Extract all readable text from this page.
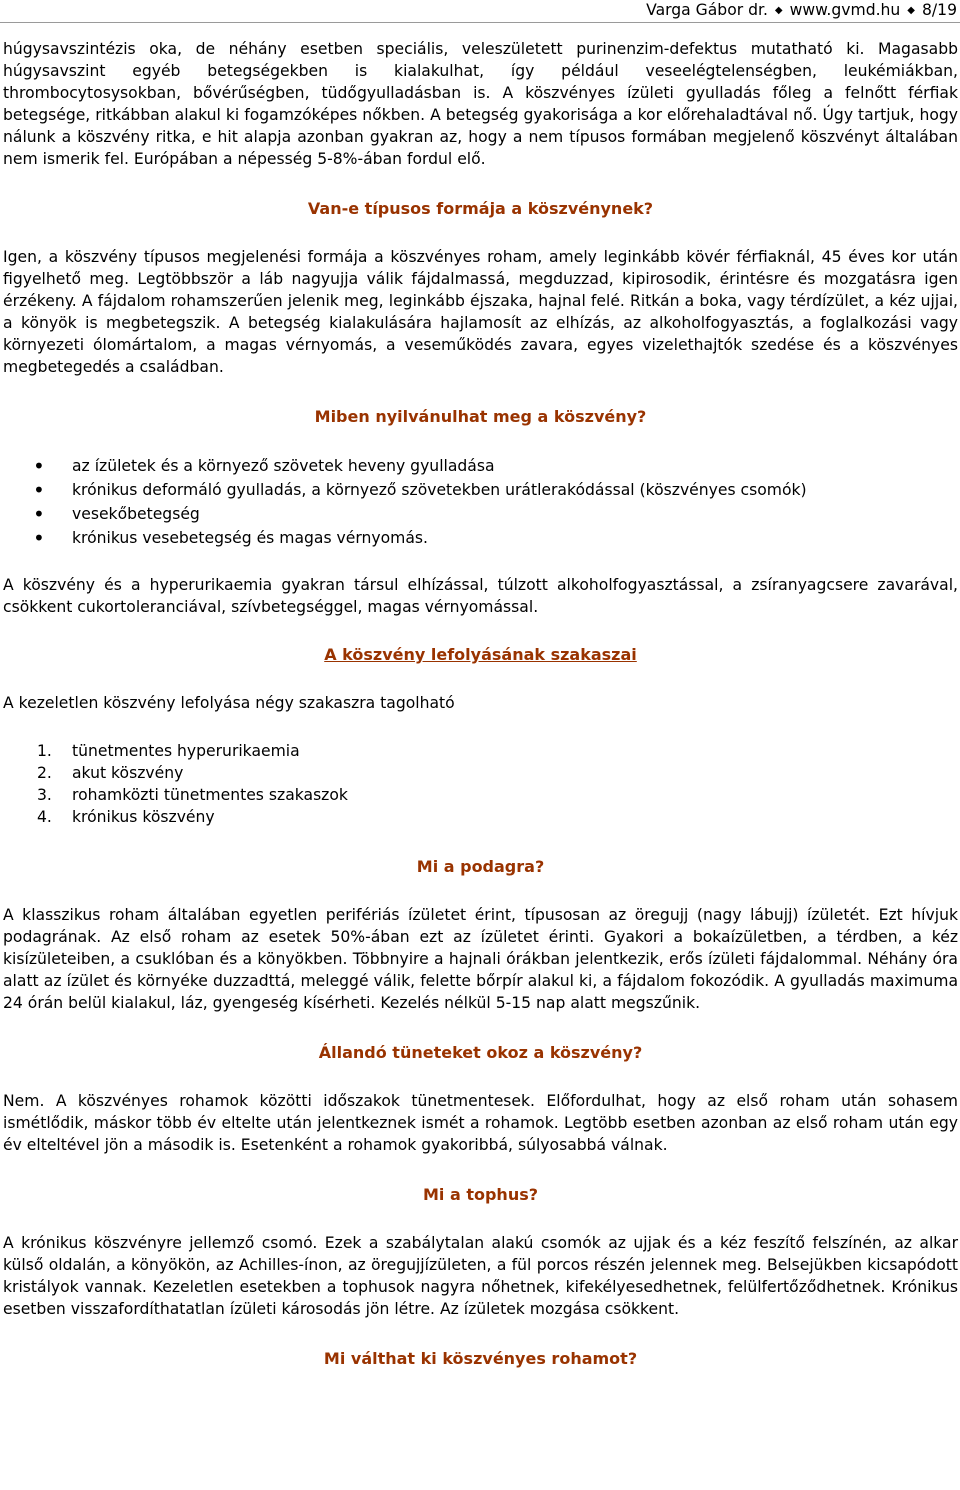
Varga Gábor dr. ◆ www.gvmd.hu ◆ 8/19

húgysavszintézis oka, de néhány esetben speciális, veleszületett purinenzim-defektus mutatható ki. Magasabb húgysavszint egyéb betegségekben is kialakulhat, így például veseelégtelenségben, leukémiákban, thrombocytosysokban, bővérűségben, tüdőgyulladásban is. A köszvényes ízületi gyulladás főleg a felnőtt férfiak betegsége, ritkábban alakul ki fogamzóképes nőkben. A betegség gyakorisága a kor előrehaladtával nő. Úgy tartjuk, hogy nálunk a köszvény ritka, e hit alapja azonban gyakran az, hogy a nem típusos formában megjelenő köszvényt általában nem ismerik fel. Európában a népesség 5-8%-ában fordul elő.

Van-e típusos formája a köszvénynek?

Igen, a köszvény típusos megjelenési formája a köszvényes roham, amely leginkább kövér férfiaknál, 45 éves kor után figyelhető meg. Legtöbbször a láb nagyujja válik fájdalmassá, megduzzad, kipirosodik, érintésre és mozgatásra igen érzékeny. A fájdalom rohamszerűen jelenik meg, leginkább éjszaka, hajnal felé. Ritkán a boka, vagy térdízület, a kéz ujjai, a könyök is megbetegszik. A betegség kialakulására hajlamosít az elhízás, az alkoholfogyasztás, a foglalkozási vagy környezeti ólomártalom, a magas vérnyomás, a veseműködés zavara, egyes vizelethajtók szedése és a köszvényes megbetegedés a családban.

Miben nyilvánulhat meg a köszvény?
• az ízületek és a környező szövetek heveny gyulladása
• krónikus deformáló gyulladás, a környező szövetekben urátlerakódással (köszvényes csomók)
• vesekőbetegség
• krónikus vesebetegség és magas vérnyomás.

A köszvény és a hyperurikaemia gyakran társul elhízással, túlzott alkoholfogyasztással, a zsíranyagcsere zavarával, csökkent cukortoleranciával, szívbetegséggel, magas vérnyomással.

A köszvény lefolyásának szakaszai

A kezeletlen köszvény lefolyása négy szakaszra tagolható

1. tünetmentes hyperurikaemia
2. akut köszvény
3. rohamközti tünetmentes szakaszok
4. krónikus köszvény
Mi a podagra?

A klasszikus roham általában egyetlen perifériás ízületet érint, típusosan az öregujj (nagy lábujj) ízületét. Ezt hívjuk podagrának. Az első roham az esetek 50%-ában ezt az ízületet érinti. Gyakori a bokaízületben, a térdben, a kéz kisízületeiben, a csuklóban és a könyökben. Többnyire a hajnali órákban jelentkezik, erős ízületi fájdalommal. Néhány óra alatt az ízület és környéke duzzadttá, meleggé válik, felette bőrpír alakul ki, a fájdalom fokozódik. A gyulladás maximuma 24 órán belül kialakul, láz, gyengeség kísérheti. Kezelés nélkül 5-15 nap alatt megszűnik.

Állandó tüneteket okoz a köszvény?

Nem. A köszvényes rohamok közötti időszakok tünetmentesek. Előfordulhat, hogy az első roham után sohasem ismétlődik, máskor több év eltelte után jelentkeznek ismét a rohamok. Legtöbb esetben azonban az első roham után egy év elteltével jön a második is. Esetenként a rohamok gyakoribbá, súlyosabbá válnak.

Mi a tophus?

A krónikus köszvényre jellemző csomó. Ezek a szabálytalan alakú csomók az ujjak és a kéz feszítő felszínén, az alkar külső oldalán, a könyökön, az Achilles-ínon, az öregujjízületen, a fül porcos részén jelennek meg. Belsejükben kicsapódott kristályok vannak. Kezeletlen esetekben a tophusok nagyra nőhetnek, kifekélyesedhetnek, felülfertőződhetnek. Krónikus esetben visszafordíthatatlan ízületi károsodás jön létre. Az ízületek mozgása csökkent.

Mi válthat ki köszvényes rohamot?
